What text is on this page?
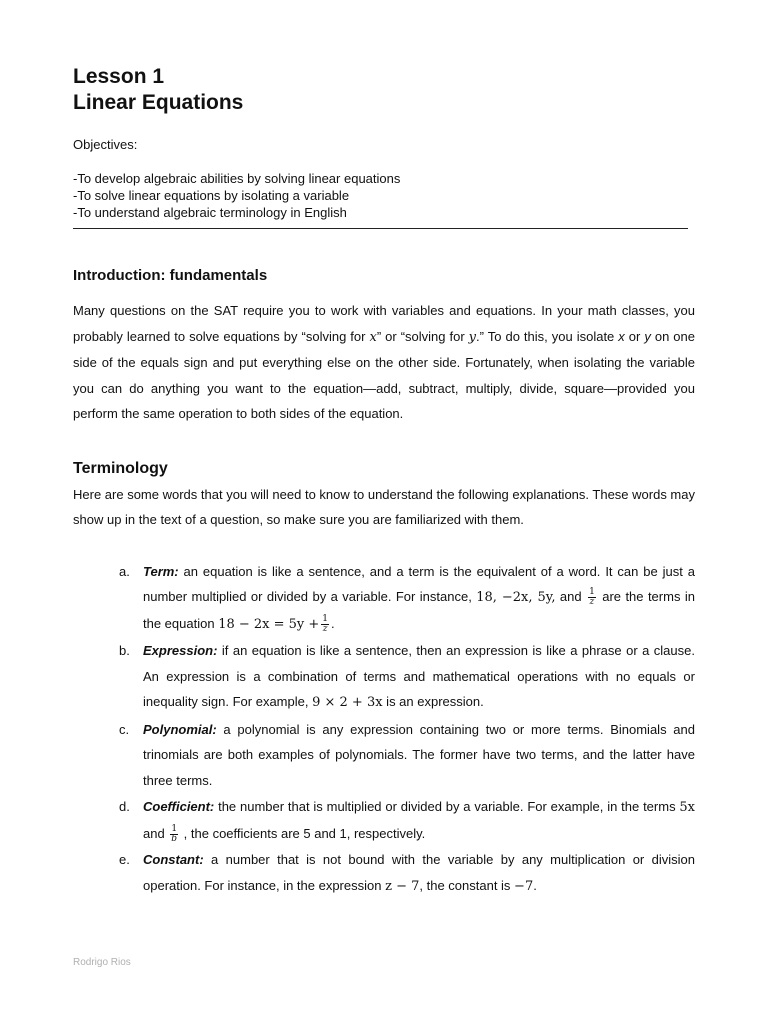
Lesson 1
Linear Equations
Objectives:
-To develop algebraic abilities by solving linear equations
-To solve linear equations by isolating a variable
-To understand algebraic terminology in English
Introduction: fundamentals

Many questions on the SAT require you to work with variables and equations. In your math classes, you probably learned to solve equations by “solving for x” or “solving for y.” To do this, you isolate x or y on one side of the equals sign and put everything else on the other side. Fortunately, when isolating the variable you can do anything you want to the equation—add, subtract, multiply, divide, square—provided you perform the same operation to both sides of the equation.

Terminology

Here are some words that you will need to know to understand the following explanations. These words may show up in the text of a question, so make sure you are familiarized with them.

a. Term: an equation is like a sentence, and a term is the equivalent of a word. It can be just a number multiplied or divided by a variable. For instance, 18, −2x, 5y, and $\frac{1}{z}$ are the terms in the equation $18 - 2x = 5y + \frac{1}{z}$ .
b. Expression: if an equation is like a sentence, then an expression is like a phrase or a clause. An expression is a combination of terms and mathematical operations with no equals or inequality sign. For example, 9 × 2 + 3x is an expression.
c. Polynomial: a polynomial is any expression containing two or more terms. Binomials and trinomials are both examples of polynomials. The former have two terms, and the latter have three terms.
d. Coefficient: the number that is multiplied or divided by a variable. For example, in the terms 5x and $\frac{1}{b}$ , the coefficients are 5 and 1, respectively.
e. Constant: a number that is not bound with the variable by any multiplication or division operation. For instance, in the expression z − 7, the constant is −7.
Rodrigo Rios
